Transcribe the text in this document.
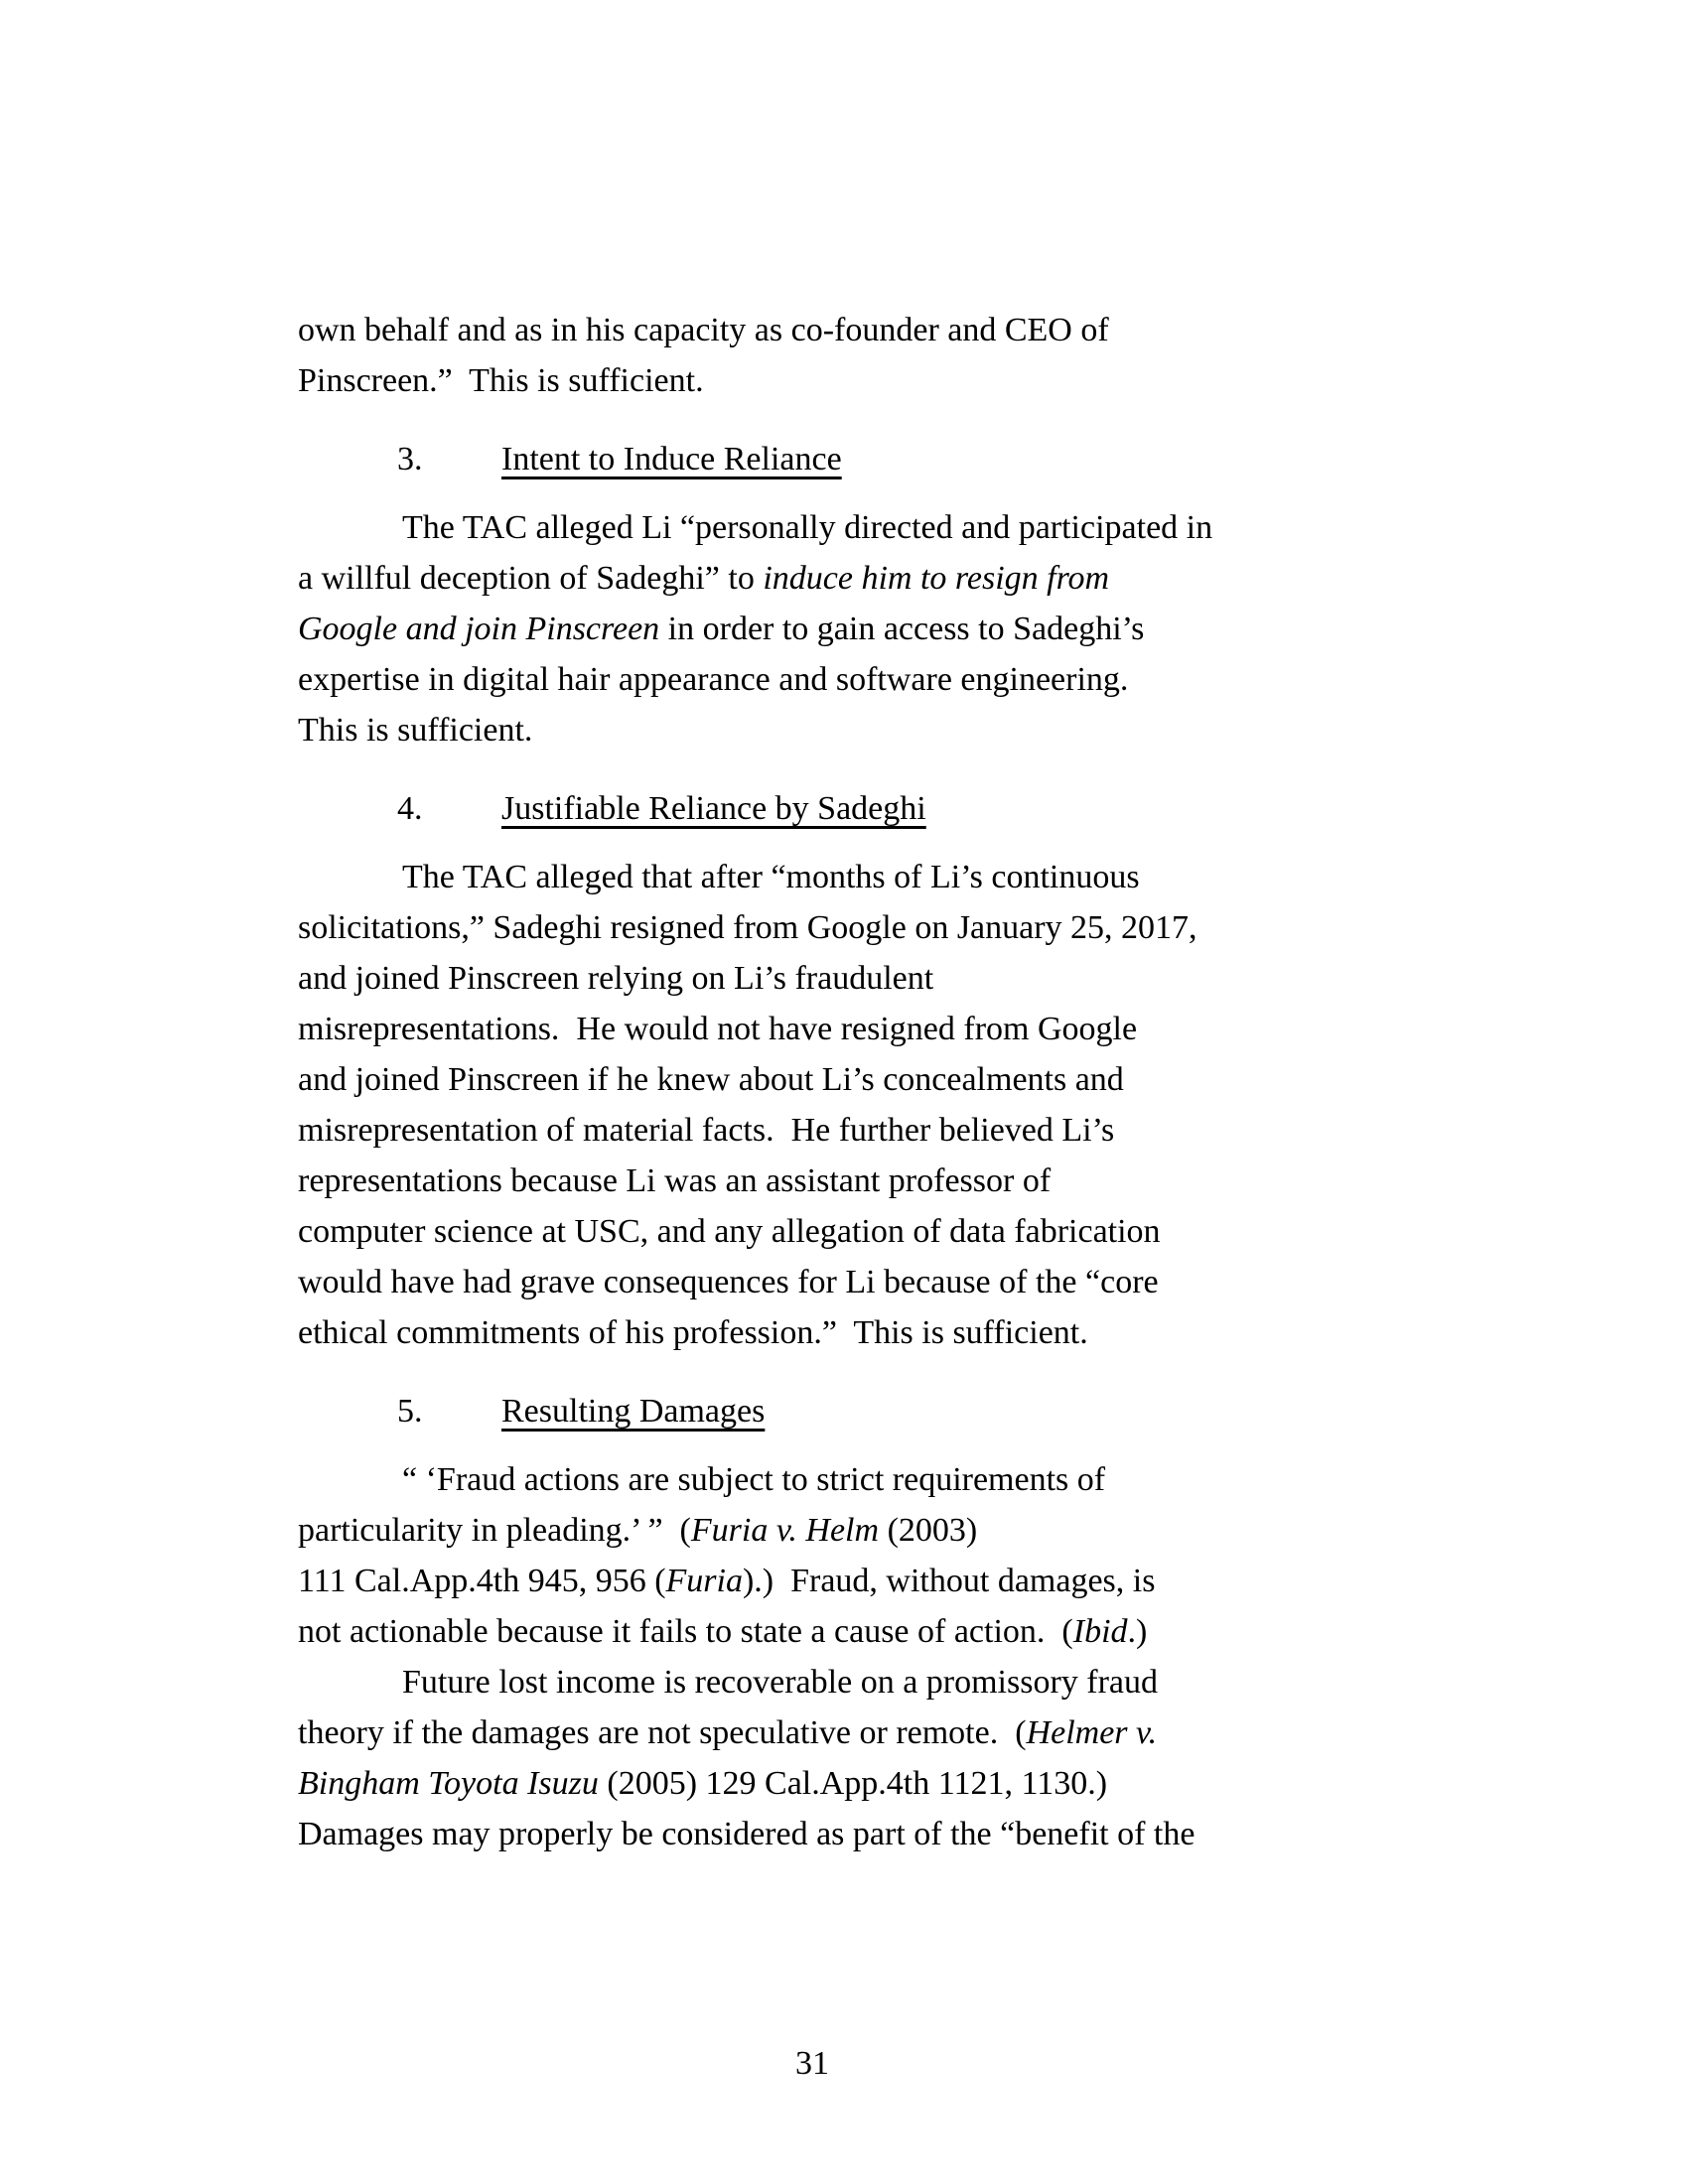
own behalf and as in his capacity as co-founder and CEO of
Pinscreen.”  This is sufficient.
3. Intent to Induce Reliance
The TAC alleged Li “personally directed and participated in
a willful deception of Sadeghi” to induce him to resign from
Google and join Pinscreen in order to gain access to Sadeghi’s
expertise in digital hair appearance and software engineering.
This is sufficient.
4. Justifiable Reliance by Sadeghi
The TAC alleged that after “months of Li’s continuous
solicitations,” Sadeghi resigned from Google on January 25, 2017,
and joined Pinscreen relying on Li’s fraudulent
misrepresentations.  He would not have resigned from Google
and joined Pinscreen if he knew about Li’s concealments and
misrepresentation of material facts.  He further believed Li’s
representations because Li was an assistant professor of
computer science at USC, and any allegation of data fabrication
would have had grave consequences for Li because of the “core
ethical commitments of his profession.”  This is sufficient.
5. Resulting Damages
“ ‘Fraud actions are subject to strict requirements of
particularity in pleading.’ ”  (Furia v. Helm (2003)
111 Cal.App.4th 945, 956 (Furia).)  Fraud, without damages, is
not actionable because it fails to state a cause of action.  (Ibid.)
Future lost income is recoverable on a promissory fraud
theory if the damages are not speculative or remote.  (Helmer v.
Bingham Toyota Isuzu (2005) 129 Cal.App.4th 1121, 1130.)
Damages may properly be considered as part of the “benefit of the
31
